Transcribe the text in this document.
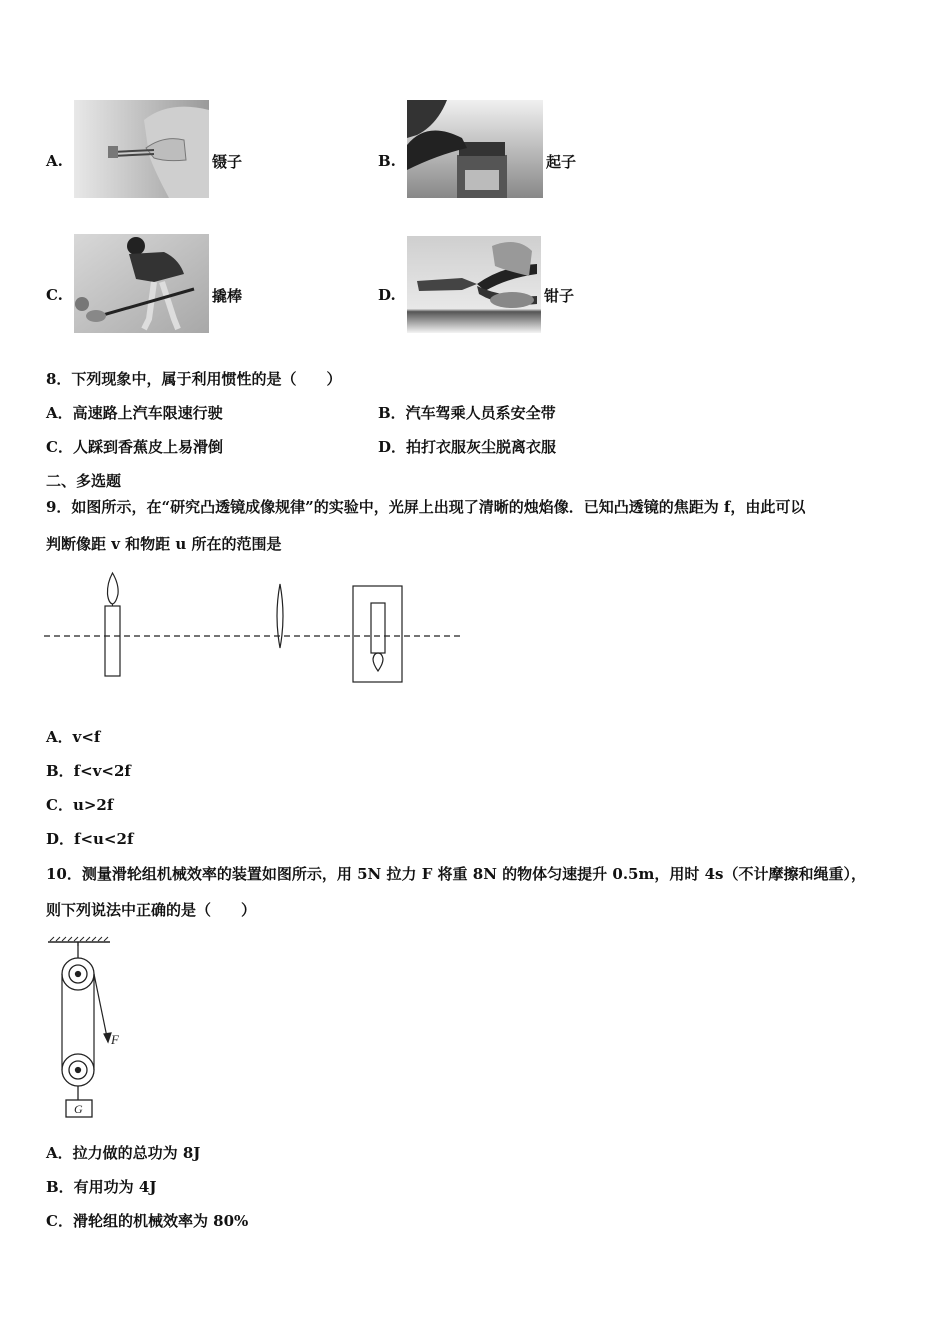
A.	镊子	B.	起子
C.	撬棒	D.	钳子
8．下列现象中，属于利用惯性的是（　　）
A．高速路上汽车限速行驶	B．汽车驾乘人员系安全带
C．人踩到香蕉皮上易滑倒	D．拍打衣服灰尘脱离衣服
二、多选题
9．如图所示，在“研究凸透镜成像规律”的实验中，光屏上出现了清晰的烛焰像．已知凸透镜的焦距为 f，由此可以
判断像距 v 和物距 u 所在的范围是
A．v<f
B．f<v<2f
C．u>2f
D．f<u<2f
10．测量滑轮组机械效率的装置如图所示，用 5N 拉力 F 将重 8N 的物体匀速提升 0.5m，用时 4s（不计摩擦和绳重），
则下列说法中正确的是（　　）
F
G
A．拉力做的总功为 8J
B．有用功为 4J
C．滑轮组的机械效率为 80%
